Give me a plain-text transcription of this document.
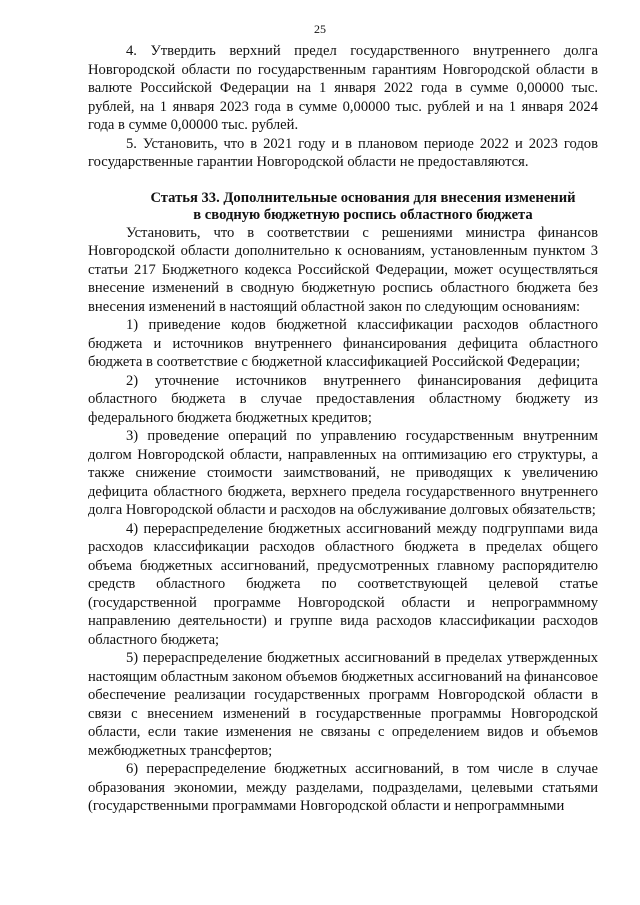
25

4. Утвердить верхний предел государственного внутреннего долга Новгородской области по государственным гарантиям Новгородской области в валюте Российской Федерации на 1 января 2022 года в сумме 0,00000 тыс. рублей, на 1 января 2023 года в сумме 0,00000 тыс. рублей и на 1 января 2024 года в сумме 0,00000 тыс. рублей.

5. Установить, что в 2021 году и в плановом периоде 2022 и 2023 годов государственные гарантии Новгородской области не предоставляются.

Статья 33. Дополнительные основания для внесения изменений
в сводную бюджетную роспись областного бюджета

Установить, что в соответствии с решениями министра финансов Новгородской области дополнительно к основаниям, установленным пунктом 3 статьи 217 Бюджетного кодекса Российской Федерации, может осуществляться внесение изменений в сводную бюджетную роспись областного бюджета без внесения изменений в настоящий областной закон по следующим основаниям:

1) приведение кодов бюджетной классификации расходов областного бюджета и источников внутреннего финансирования дефицита областного бюджета в соответствие с бюджетной классификацией Российской Федерации;

2) уточнение источников внутреннего финансирования дефицита областного бюджета в случае предоставления областному бюджету из федерального бюджета бюджетных кредитов;

3) проведение операций по управлению государственным внутренним долгом Новгородской области, направленных на оптимизацию его структуры, а также снижение стоимости заимствований, не приводящих к увеличению дефицита областного бюджета, верхнего предела государственного внутреннего долга Новгородской области и расходов на обслуживание долговых обязательств;

4) перераспределение бюджетных ассигнований между подгруппами вида расходов классификации расходов областного бюджета в пределах общего объема бюджетных ассигнований, предусмотренных главному распорядителю средств областного бюджета по соответствующей целевой статье (государственной программе Новгородской области и непрограммному направлению деятельности) и группе вида расходов классификации расходов областного бюджета;

5) перераспределение бюджетных ассигнований в пределах утвержденных настоящим областным законом объемов бюджетных ассигнований на финансовое обеспечение реализации государственных программ Новгородской области в связи с внесением изменений в государственные программы Новгородской области, если такие изменения не связаны с определением видов и объемов межбюджетных трансфертов;

6) перераспределение бюджетных ассигнований, в том числе в случае образования экономии, между разделами, подразделами, целевыми статьями (государственными программами Новгородской области и непрограммными
